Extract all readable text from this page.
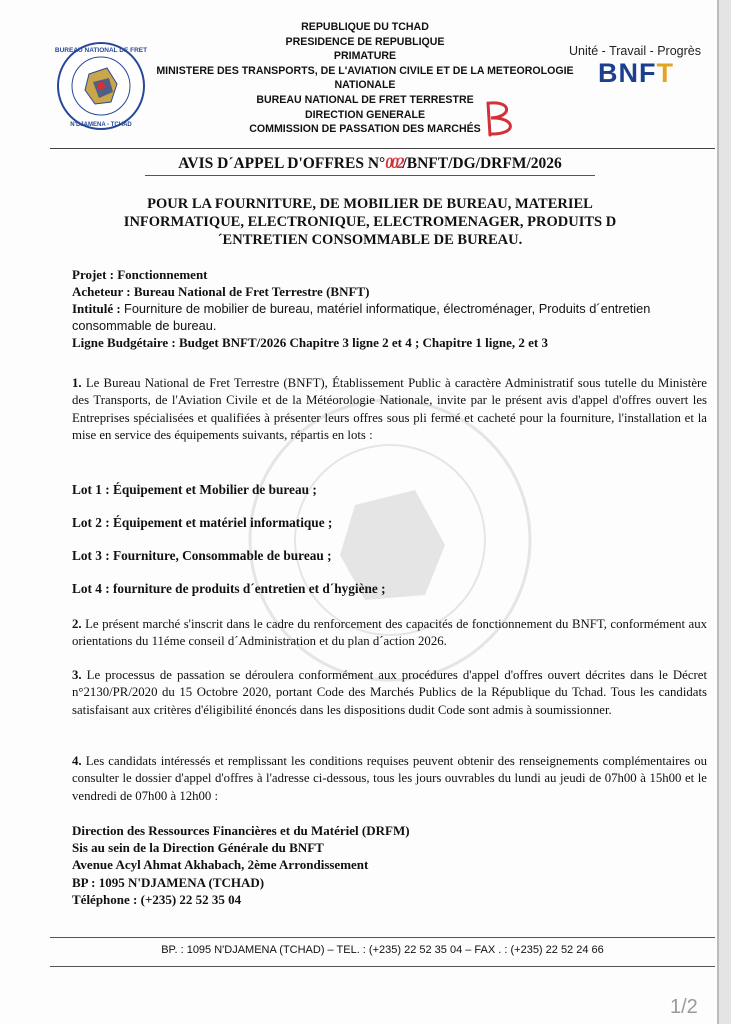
BUREAU NATIONAL DE FRET
N'DJAMENA - TCHAD
REPUBLIQUE DU TCHAD
PRESIDENCE DE REPUBLIQUE
PRIMATURE
MINISTERE DES TRANSPORTS, DE L'AVIATION CIVILE ET DE LA METEOROLOGIE
NATIONALE
BUREAU NATIONAL DE FRET TERRESTRE
DIRECTION GENERALE
COMMISSION DE PASSATION DES MARCHÉS
Unité - Travail - Progrès
BNFT
AVIS D´APPEL D'OFFRES N°002/BNFT/DG/DRFM/2026
POUR LA FOURNITURE, DE MOBILIER DE BUREAU, MATERIEL INFORMATIQUE, ELECTRONIQUE, ELECTROMENAGER, PRODUITS D´ENTRETIEN CONSOMMABLE DE BUREAU.
Projet : Fonctionnement
Acheteur : Bureau National de Fret Terrestre (BNFT)
Intitulé : Fourniture de mobilier de bureau, matériel informatique, électroménager, Produits d´entretien consommable de bureau.
Ligne Budgétaire : Budget BNFT/2026 Chapitre 3 ligne 2 et 4 ; Chapitre 1 ligne, 2 et 3
1. Le Bureau National de Fret Terrestre (BNFT), Établissement Public à caractère Administratif sous tutelle du Ministère des Transports, de l'Aviation Civile et de la Météorologie Nationale, invite par le présent avis d'appel d'offres ouvert les Entreprises spécialisées et qualifiées à présenter leurs offres sous pli fermé et cacheté pour la fourniture, l'installation et la mise en service des équipements suivants, répartis en lots :
Lot 1 : Équipement et Mobilier de bureau ;
Lot 2 : Équipement et matériel informatique ;
Lot 3 : Fourniture, Consommable de bureau ;
Lot 4 : fourniture de produits d´entretien et d´hygiène ;
2. Le présent marché s'inscrit dans le cadre du renforcement des capacités de fonctionnement du BNFT, conformément aux orientations du 11éme conseil d´Administration et du plan d´action 2026.
3. Le processus de passation se déroulera conformément aux procédures d'appel d'offres ouvert décrites dans le Décret n°2130/PR/2020 du 15 Octobre 2020, portant Code des Marchés Publics de la République du Tchad. Tous les candidats satisfaisant aux critères d'éligibilité énoncés dans les dispositions dudit Code sont admis à soumissionner.
4. Les candidats intéressés et remplissant les conditions requises peuvent obtenir des renseignements complémentaires ou consulter le dossier d'appel d'offres à l'adresse ci-dessous, tous les jours ouvrables du lundi au jeudi de 07h00 à 15h00 et le vendredi de 07h00 à 12h00 :
Direction des Ressources Financières et du Matériel (DRFM)
Sis au sein de la Direction Générale du BNFT
Avenue Acyl Ahmat Akhabach, 2ème Arrondissement
BP : 1095 N'DJAMENA (TCHAD)
Téléphone : (+235) 22 52 35 04
BP. : 1095 N'DJAMENA (TCHAD) – TEL. : (+235) 22 52 35 04 – FAX . : (+235) 22 52 24 66
1/2
